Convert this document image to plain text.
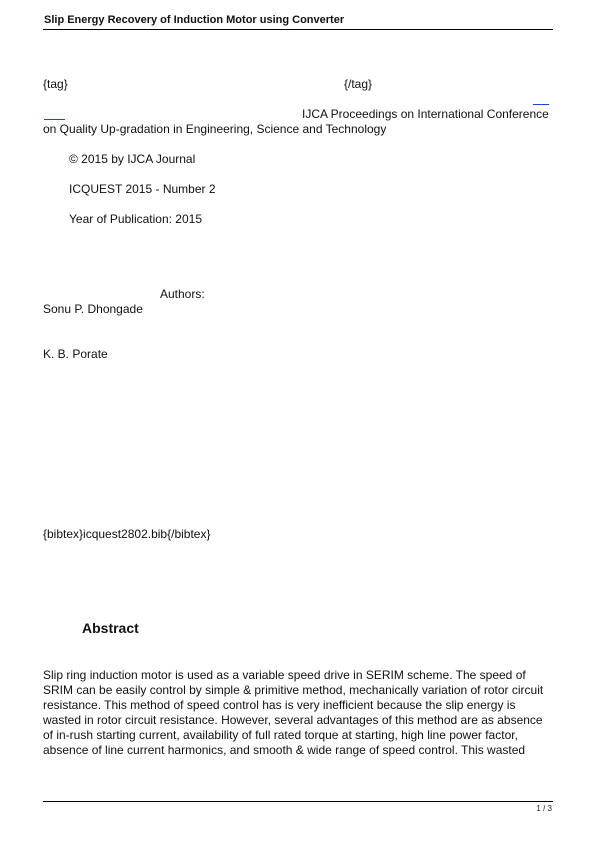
Slip Energy Recovery of Induction Motor using Converter
{tag}	{/tag}
IJCA Proceedings on International Conference
on Quality Up-gradation in Engineering, Science and Technology
© 2015 by IJCA Journal
ICQUEST 2015 - Number 2
Year of Publication: 2015
Authors:
Sonu P. Dhongade
K. B. Porate
{bibtex}icquest2802.bib{/bibtex}
Abstract
Slip ring induction motor is used as a variable speed drive in SERIM scheme. The speed of
SRIM can be easily control by simple & primitive method, mechanically variation of rotor circuit
resistance. This method of speed control has is very inefficient because the slip energy is
wasted in rotor circuit resistance. However, several advantages of this method are as absence
of in-rush starting current, availability of full rated torque at starting, high line power factor,
absence of line current harmonics, and smooth & wide range of speed control. This wasted
1 / 3
